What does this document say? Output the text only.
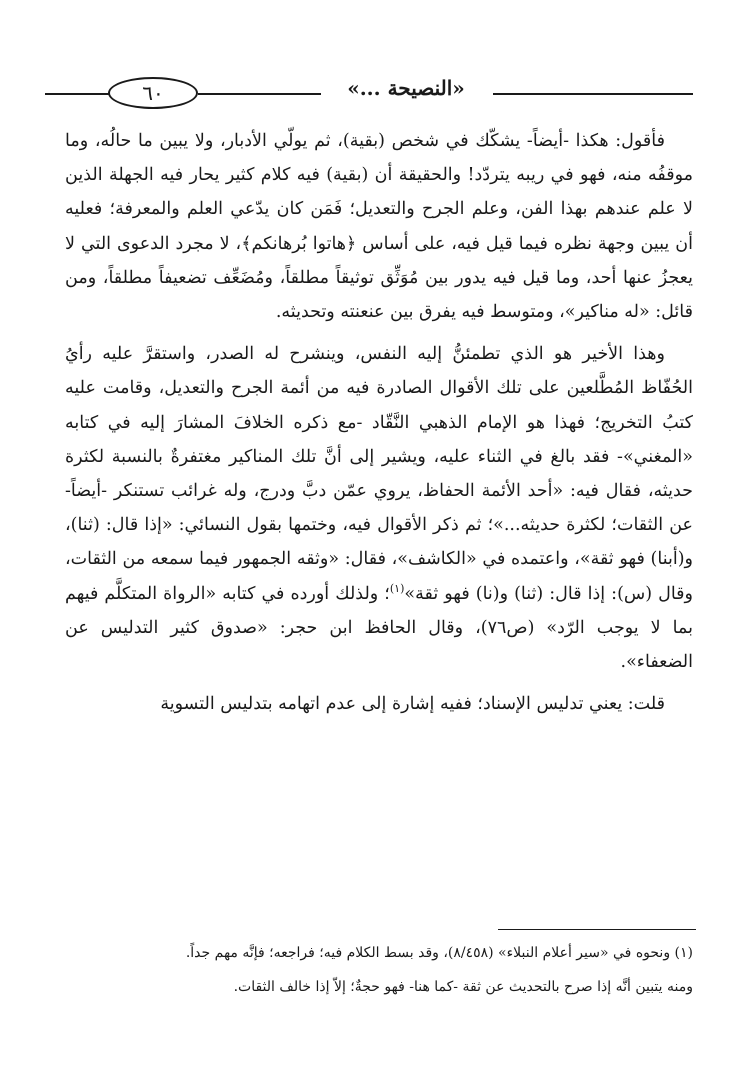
٦٠	«النصيحة ...»

فأقول: هكذا -أيضاً- يشكّك في شخص (بقية)، ثم يولّي الأدبار، ولا يبين ما حالُه، وما موقفُه منه، فهو في ريبه يتردّد! والحقيقة أن (بقية) فيه كلام كثير يحار فيه الجهلة الذين لا علم عندهم بهذا الفن، وعلم الجرح والتعديل؛ فَمَن كان يدّعي العلم والمعرفة؛ فعليه أن يبين وجهة نظره فيما قيل فيه، على أساس ﴿هاتوا بُرهانكم﴾، لا مجرد الدعوى التي لا يعجزُ عنها أحد، وما قيل فيه يدور بين مُوَثِّق توثيقاً مطلقاً، ومُضَعِّف تضعيفاً مطلقاً، ومن قائل: «له مناكير»، ومتوسط فيه يفرق بين عنعنته وتحديثه.

وهذا الأخير هو الذي تطمئنُّ إليه النفس، وينشرح له الصدر، واستقرَّ عليه رأيُ الحُفّاظ المُطَّلعين على تلك الأقوال الصادرة فيه من أئمة الجرح والتعديل، وقامت عليه كتبُ التخريج؛ فهذا هو الإمام الذهبي النَّقّاد -مع ذكره الخلافَ المشارَ إليه في كتابه «المغني»- فقد بالغ في الثناء عليه، ويشير إلى أنَّ تلك المناكير مغتفرةٌ بالنسبة لكثرة حديثه، فقال فيه: «أحد الأئمة الحفاظ، يروي عمّن دبَّ ودرج، وله غرائب تستنكر -أيضاً- عن الثقات؛ لكثرة حديثه...»؛ ثم ذكر الأقوال فيه، وختمها بقول النسائي: «إذا قال: (ثنا)، و(أبنا) فهو ثقة»، واعتمده في «الكاشف»، فقال: «وثقه الجمهور فيما سمعه من الثقات، وقال (س): إذا قال: (ثنا) و(نا) فهو ثقة»$^{(١)}$؛ ولذلك أورده في كتابه «الرواة المتكلَّم فيهم بما لا يوجب الرّد» (ص٧٦)، وقال الحافظ ابن حجر: «صدوق كثير التدليس عن الضعفاء».

قلت: يعني تدليس الإسناد؛ ففيه إشارة إلى عدم اتهامه بتدليس التسوية

(١) ونحوه في «سير أعلام النبلاء» (٨/٤٥٨)، وقد بسط الكلام فيه؛ فراجعه؛ فإنَّه مهم جداً.

ومنه يتبين أنَّه إذا صرح بالتحديث عن ثقة -كما هنا- فهو حجةٌ؛ إلاّ إذا خالف الثقات.
